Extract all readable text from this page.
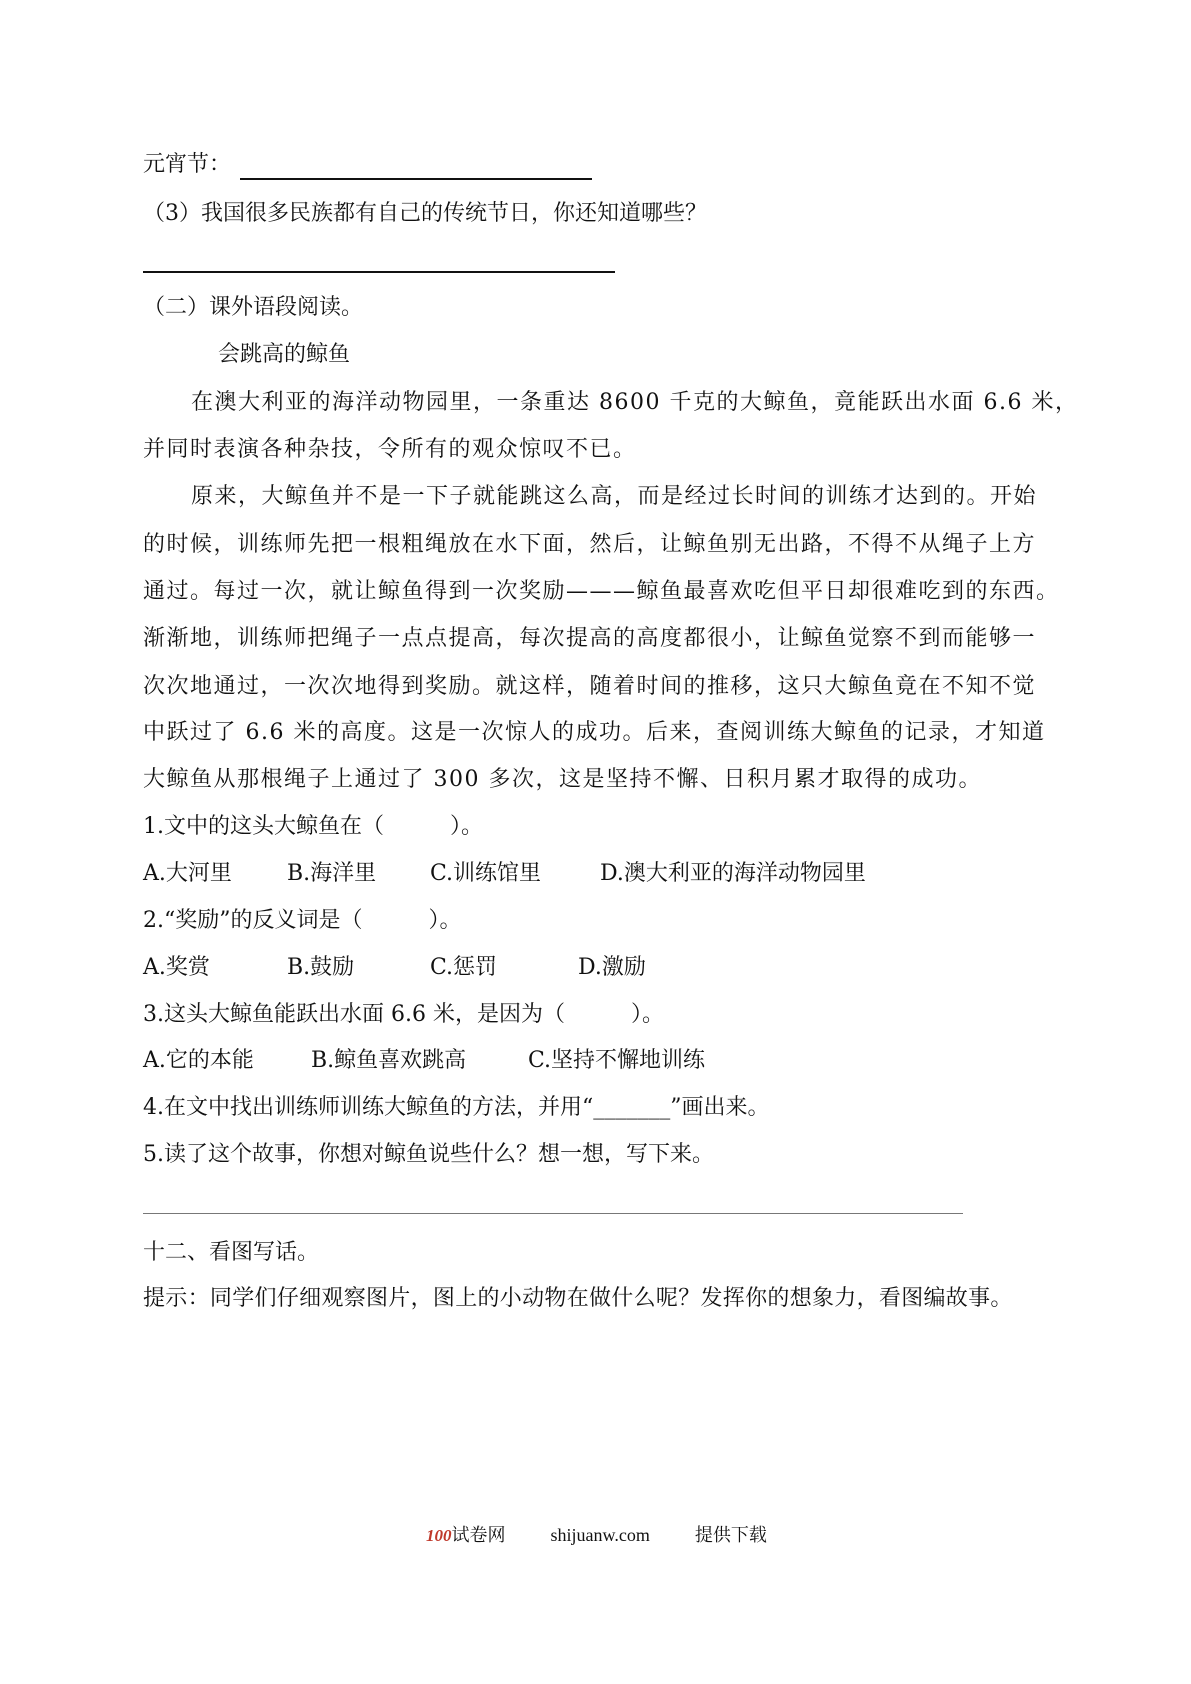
元宵节：
（3）我国很多民族都有自己的传统节日，你还知道哪些？
（二）课外语段阅读。
会跳高的鲸鱼
在澳大利亚的海洋动物园里，一条重达 8600 千克的大鲸鱼，竟能跃出水面 6.6 米，
并同时表演各种杂技，令所有的观众惊叹不已。
原来，大鲸鱼并不是一下子就能跳这么高，而是经过长时间的训练才达到的。开始
的时候，训练师先把一根粗绳放在水下面，然后，让鲸鱼别无出路，不得不从绳子上方
通过。每过一次，就让鲸鱼得到一次奖励———鲸鱼最喜欢吃但平日却很难吃到的东西。
渐渐地，训练师把绳子一点点提高，每次提高的高度都很小，让鲸鱼觉察不到而能够一
次次地通过，一次次地得到奖励。就这样，随着时间的推移，这只大鲸鱼竟在不知不觉
中跃过了 6.6 米的高度。这是一次惊人的成功。后来，查阅训练大鲸鱼的记录，才知道
大鲸鱼从那根绳子上通过了 300 多次，这是坚持不懈、日积月累才取得的成功。
1.文中的这头大鲸鱼在（　　　）。
A.大河里	B.海洋里 C.训练馆里	D.澳大利亚的海洋动物园里
2.“奖励”的反义词是（　　　）。
A.奖赏	B.鼓励	C.惩罚	D.激励
3.这头大鲸鱼能跃出水面 6.6 米，是因为（　　　）。
A.它的本能	B.鲸鱼喜欢跳高	C.坚持不懈地训练
4.在文中找出训练师训练大鲸鱼的方法，并用“_______”画出来。
5.读了这个故事，你想对鲸鱼说些什么？想一想，写下来。
十二、看图写话。
提示：同学们仔细观察图片，图上的小动物在做什么呢？发挥你的想象力，看图编故事。
100试卷网	shijuanw.com	提供下载
